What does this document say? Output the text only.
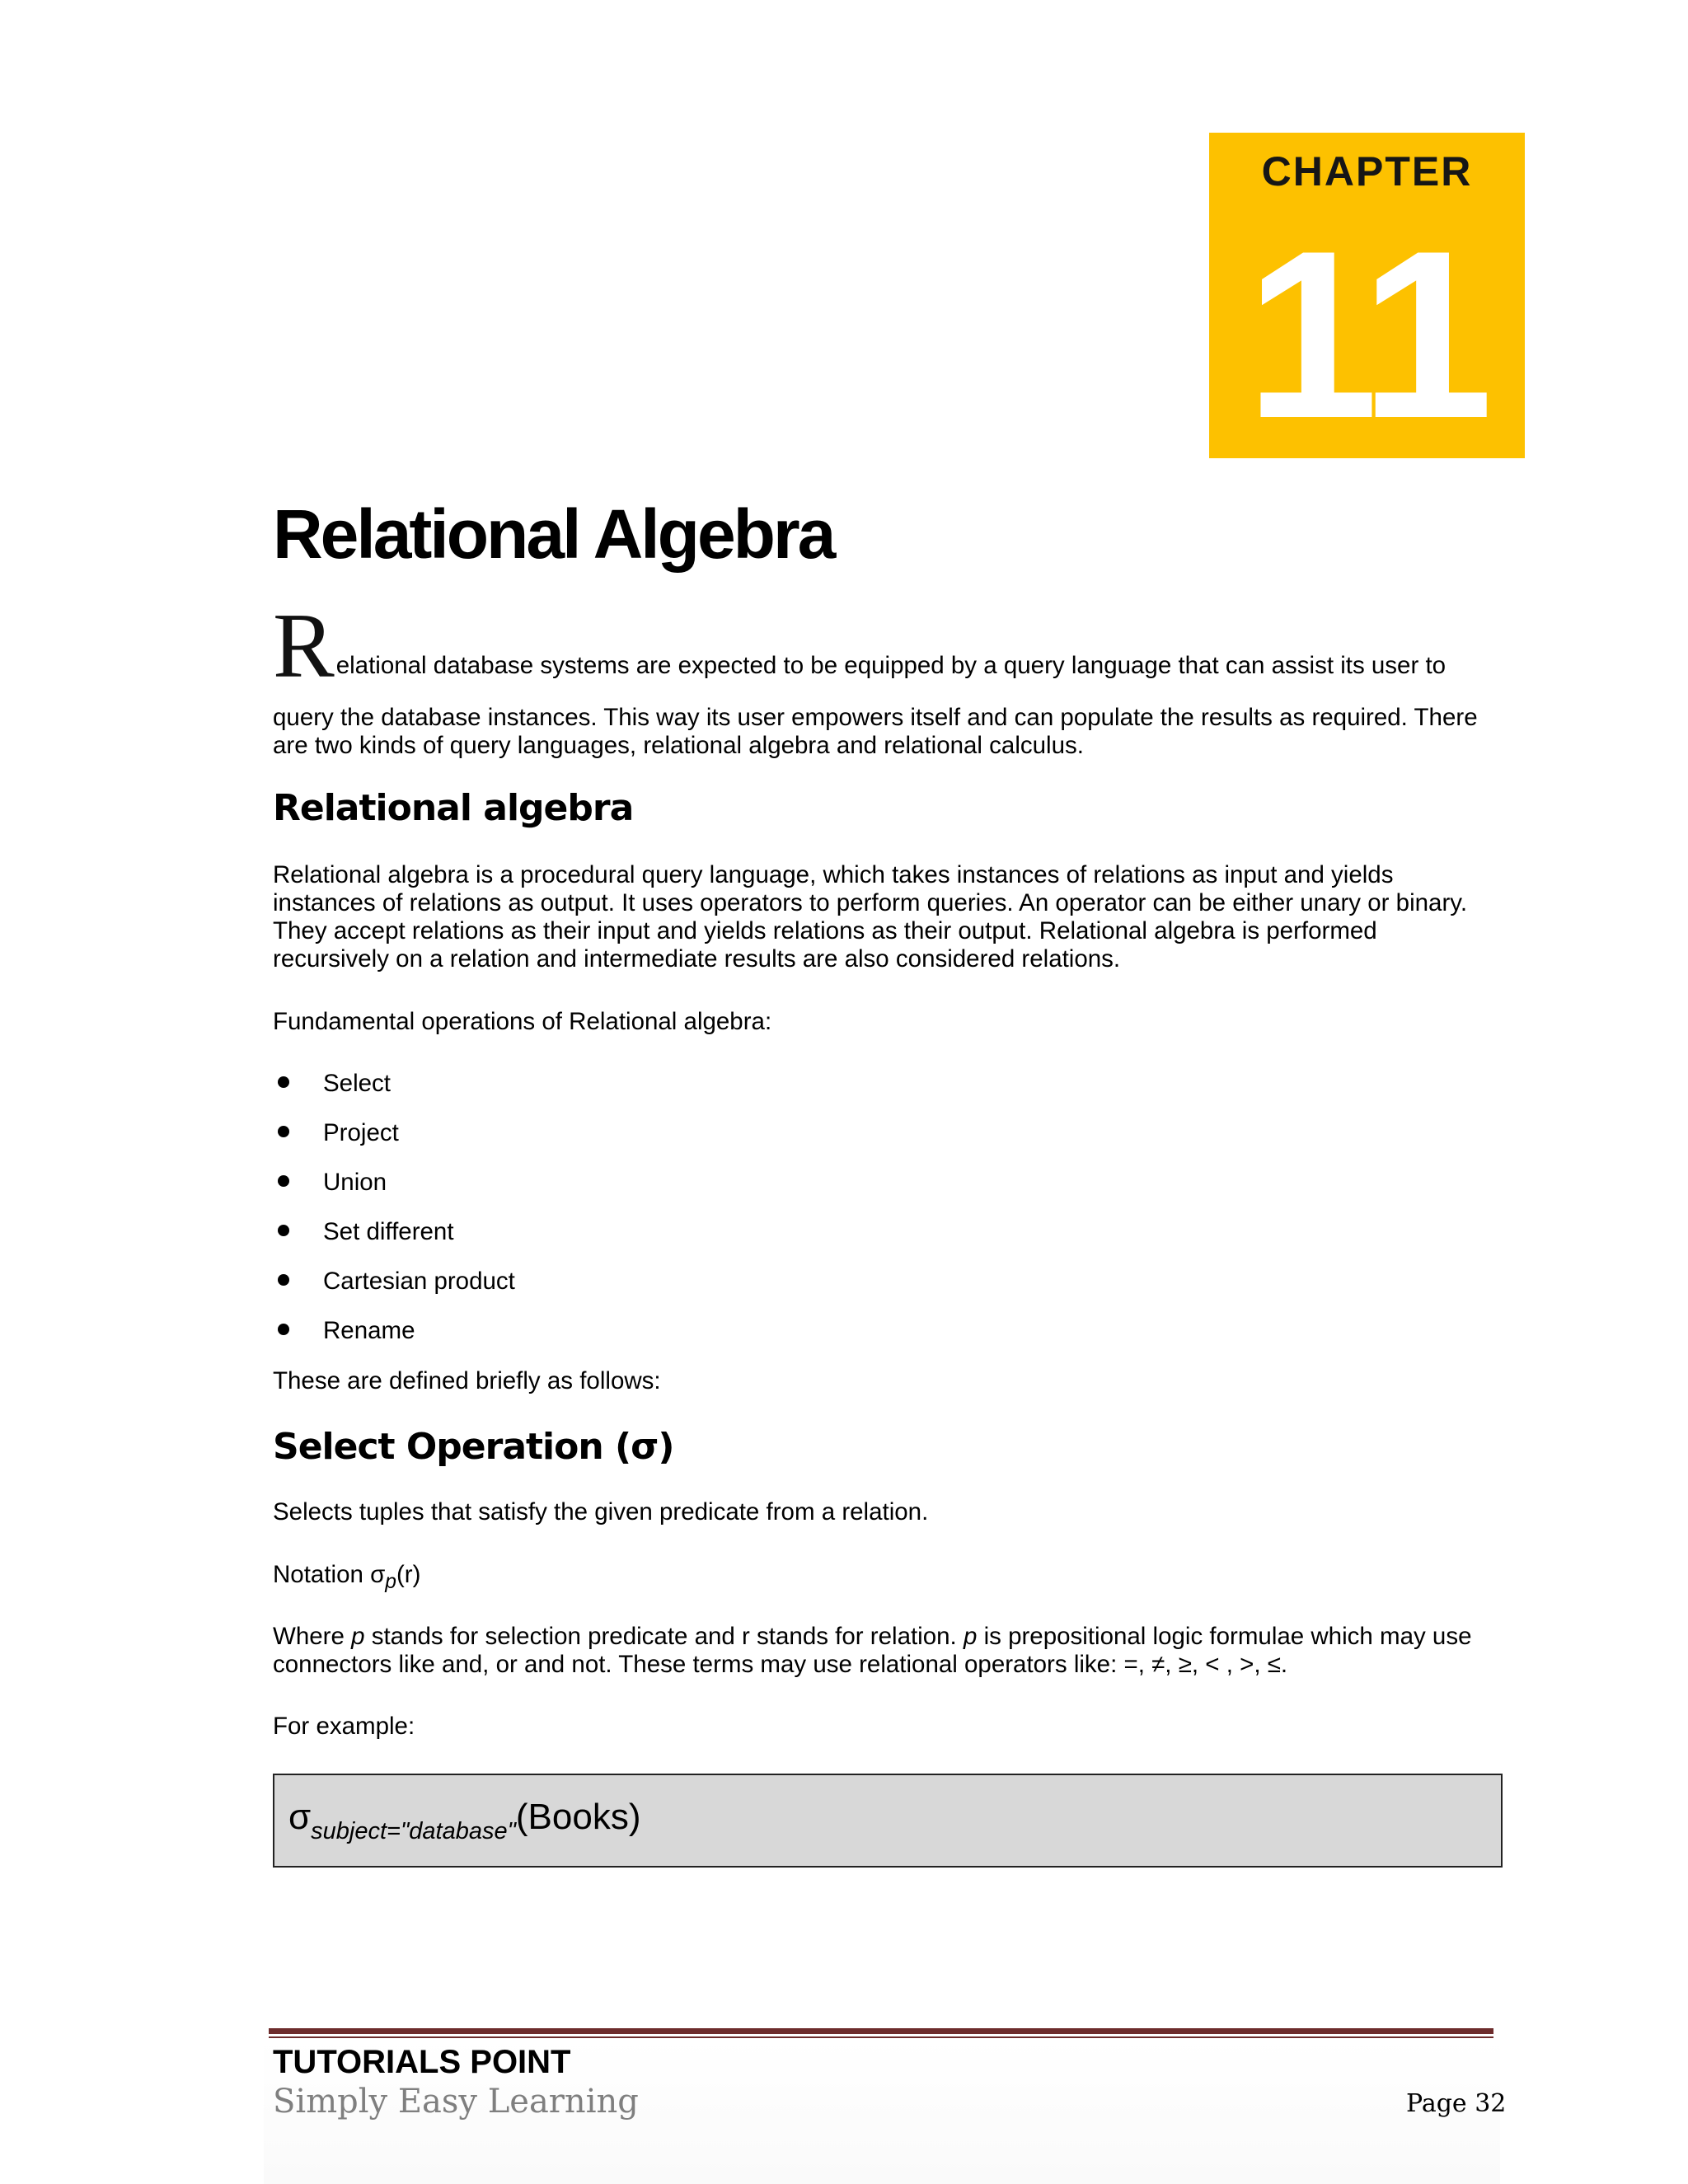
CHAPTER
11
Relational Algebra
R elational database systems are expected to be equipped by a query language that can assist its user to
query the database instances. This way its user empowers itself and can populate the results as required. There are two kinds of query languages, relational algebra and relational calculus.
Relational algebra

Relational algebra is a procedural query language, which takes instances of relations as input and yields instances of relations as output. It uses operators to perform queries. An operator can be either unary or binary. They accept relations as their input and yields relations as their output. Relational algebra is performed recursively on a relation and intermediate results are also considered relations.

Fundamental operations of Relational algebra:

Select
Project
Union
Set different
Cartesian product
Rename

These are defined briefly as follows:

Select Operation (σ)

Selects tuples that satisfy the given predicate from a relation.

Notation $\sigma_p(r)$

Where p stands for selection predicate and r stands for relation. p is prepositional logic formulae which may use connectors like and, or and not. These terms may use relational operators like: =, ≠, ≥, < , >, ≤.

For example:

$\sigma_{subject="database"}(Books)$
TUTORIALS POINT
Simply Easy Learning	Page 32
